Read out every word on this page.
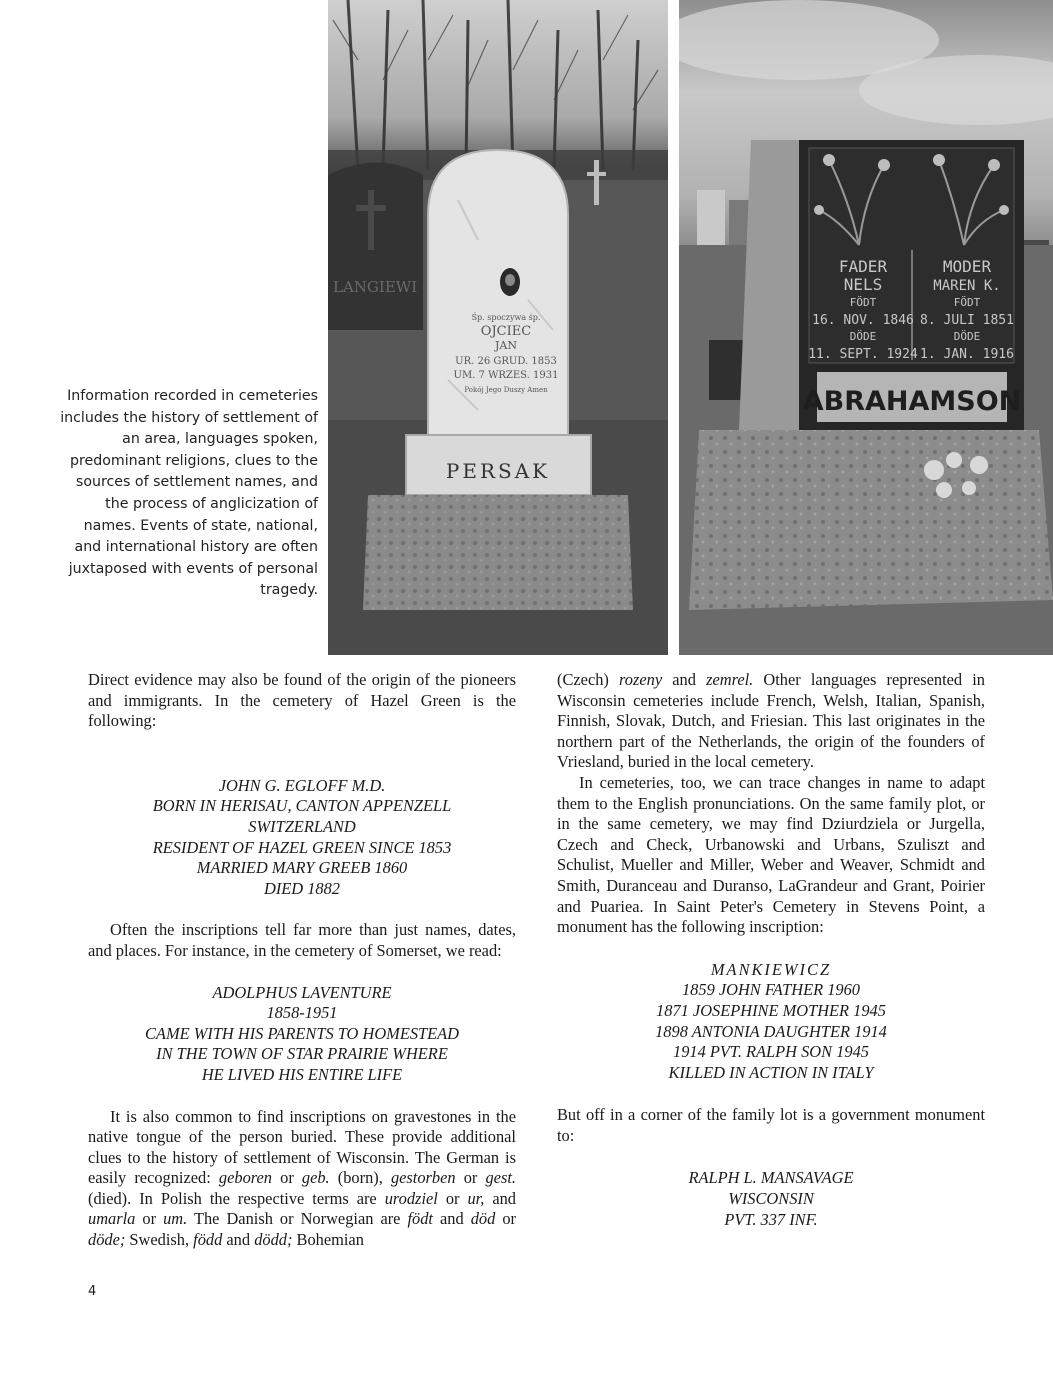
LANGIEWI
Śp. spoczywa śp.
OJCIEC
JAN
UR. 26 GRUD. 1853
UM. 7 WRZES. 1931
Pokój Jego Duszy Amen
PERSAK
FADER
NELS
FÖDT
16. NOV. 1846
DÖDE
11. SEPT. 1924
MODER
MAREN K.
FÖDT
8. JULI 1851
DÖDE
1. JAN. 1916
ABRAHAMSON
Information recorded in cemeteries includes the history of settlement of an area, languages spoken, predominant religions, clues to the sources of settlement names, and the process of anglicization of names. Events of state, national, and international history are often juxtaposed with events of personal tragedy.

Direct evidence may also be found of the origin of the pioneers and immigrants. In the cemetery of Hazel Green is the following:

JOHN G. EGLOFF M.D.
BORN IN HERISAU, CANTON APPENZELL
SWITZERLAND
RESIDENT OF HAZEL GREEN SINCE 1853
MARRIED MARY GREEB 1860
DIED 1882

Often the inscriptions tell far more than just names, dates, and places. For instance, in the cemetery of Somerset, we read:

ADOLPHUS LAVENTURE
1858-1951
CAME WITH HIS PARENTS TO HOMESTEAD
IN THE TOWN OF STAR PRAIRIE WHERE
HE LIVED HIS ENTIRE LIFE

It is also common to find inscriptions on gravestones in the native tongue of the person buried. These provide additional clues to the history of settlement of Wisconsin. The German is easily recognized: geboren or geb. (born), gestorben or gest. (died). In Polish the respective terms are urodziel or ur, and umarla or um. The Danish or Norwegian are födt and död or döde; Swedish, född and dödd; Bohemian

(Czech) rozeny and zemrel. Other languages represented in Wisconsin cemeteries include French, Welsh, Italian, Spanish, Finnish, Slovak, Dutch, and Friesian. This last originates in the northern part of the Netherlands, the origin of the founders of Vriesland, buried in the local cemetery.

In cemeteries, too, we can trace changes in name to adapt them to the English pronunciations. On the same family plot, or in the same cemetery, we may find Dziurdziela or Jurgella, Czech and Check, Urbanowski and Urbans, Szuliszt and Schulist, Mueller and Miller, Weber and Weaver, Schmidt and Smith, Duranceau and Duranso, LaGrandeur and Grant, Poirier and Puariea. In Saint Peter's Cemetery in Stevens Point, a monument has the following inscription:

MANKIEWICZ
1859 JOHN FATHER 1960
1871 JOSEPHINE MOTHER 1945
1898 ANTONIA DAUGHTER 1914
1914 PVT. RALPH SON 1945
KILLED IN ACTION IN ITALY

But off in a corner of the family lot is a government monument to:

RALPH L. MANSAVAGE
WISCONSIN
PVT. 337 INF.
4
